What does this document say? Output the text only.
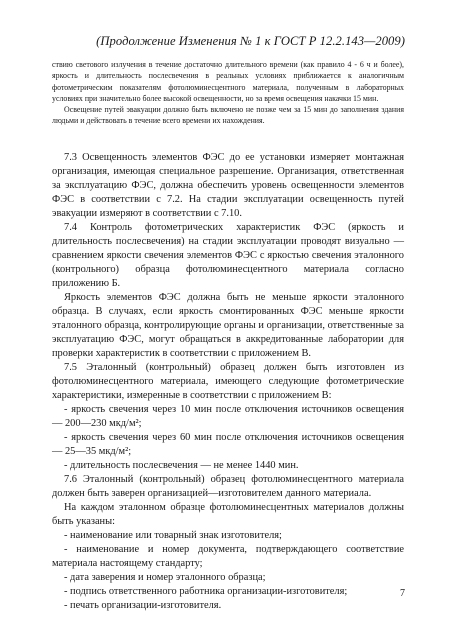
(Продолжение Изменения № 1 к ГОСТ Р 12.2.143—2009)

ствию светового излучения в течение достаточно длительного времени (как правило 4 - 6 ч и более), яркость и длительность послесвечения в реальных условиях приближается к аналогичным фотометрическим показателям фотолюминесцентного материала, полученным в лабораторных условиях при значительно более высокой освещенности, но за время освещения накачки 15 мин.

Освещение путей эвакуации должно быть включено не позже чем за 15 мин до заполнения здания людьми и действовать в течение всего времени их нахождения.

7.3 Освещенность элементов ФЭС до ее установки измеряет монтажная организация, имеющая специальное разрешение. Организация, ответственная за эксплуатацию ФЭС, должна обеспечить уровень освещенности элементов ФЭС в соответствии с 7.2. На стадии эксплуатации освещенность путей эвакуации измеряют в соответствии с 7.10.

7.4 Контроль фотометрических характеристик ФЭС (яркость и длительность послесвечения) на стадии эксплуатации проводят визуально — сравнением яркости свечения элементов ФЭС с яркостью свечения эталонного (контрольного) образца фотолюминесцентного материала согласно приложению Б.

Яркость элементов ФЭС должна быть не меньше яркости эталонного образца. В случаях, если яркость смонтированных ФЭС меньше яркости эталонного образца, контролирующие органы и организации, ответственные за эксплуатацию ФЭС, могут обращаться в аккредитованные лаборатории для проверки характеристик в соответствии с приложением В.

7.5 Эталонный (контрольный) образец должен быть изготовлен из фотолюминесцентного материала, имеющего следующие фотометрические характеристики, измеренные в соответствии с приложением В:

- яркость свечения через 10 мин после отключения источников освещения — 200—230 мкд/м²;
- яркость свечения через 60 мин после отключения источников освещения — 25—35 мкд/м²;
- длительность послесвечения — не менее 1440 мин.

7.6 Эталонный (контрольный) образец фотолюминесцентного материала должен быть заверен организацией—изготовителем данного материала.

На каждом эталонном образце фотолюминесцентных материалов должны быть указаны:

- наименование или товарный знак изготовителя;
- наименование и номер документа, подтверждающего соответствие материала настоящему стандарту;
- дата заверения и номер эталонного образца;
- подпись ответственного работника организации-изготовителя;
- печать организации-изготовителя.
7
